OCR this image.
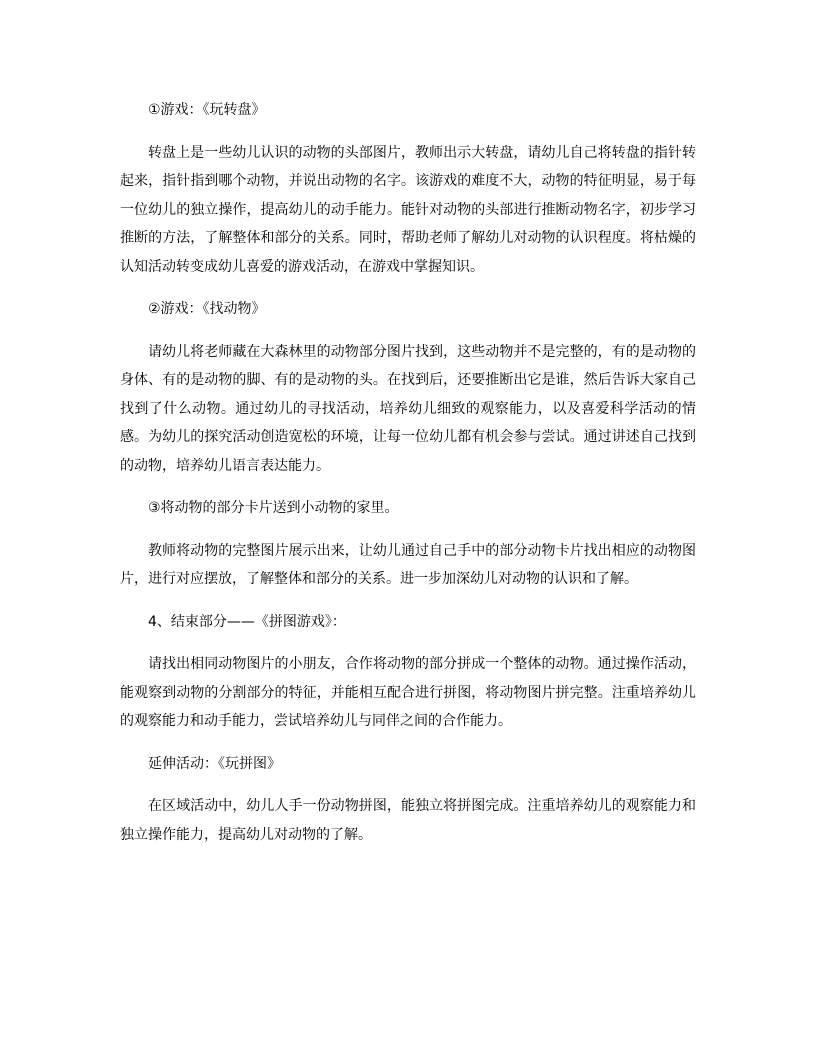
①游戏：《玩转盘》

转盘上是一些幼儿认识的动物的头部图片，教师出示大转盘，请幼儿自己将转盘的指针转起来，指针指到哪个动物，并说出动物的名字。该游戏的难度不大，动物的特征明显，易于每一位幼儿的独立操作，提高幼儿的动手能力。能针对动物的头部进行推断动物名字，初步学习推断的方法，了解整体和部分的关系。同时，帮助老师了解幼儿对动物的认识程度。将枯燥的认知活动转变成幼儿喜爱的游戏活动，在游戏中掌握知识。

②游戏：《找动物》

请幼儿将老师藏在大森林里的动物部分图片找到，这些动物并不是完整的，有的是动物的身体、有的是动物的脚、有的是动物的头。在找到后，还要推断出它是谁，然后告诉大家自己找到了什么动物。通过幼儿的寻找活动，培养幼儿细致的观察能力，以及喜爱科学活动的情感。为幼儿的探究活动创造宽松的环境，让每一位幼儿都有机会参与尝试。通过讲述自己找到的动物，培养幼儿语言表达能力。

③将动物的部分卡片送到小动物的家里。

教师将动物的完整图片展示出来，让幼儿通过自己手中的部分动物卡片找出相应的动物图片，进行对应摆放，了解整体和部分的关系。进一步加深幼儿对动物的认识和了解。

4、结束部分——《拼图游戏》：

请找出相同动物图片的小朋友，合作将动物的部分拼成一个整体的动物。通过操作活动，能观察到动物的分割部分的特征，并能相互配合进行拼图，将动物图片拼完整。注重培养幼儿的观察能力和动手能力，尝试培养幼儿与同伴之间的合作能力。

延伸活动：《玩拼图》

在区域活动中，幼儿人手一份动物拼图，能独立将拼图完成。注重培养幼儿的观察能力和独立操作能力，提高幼儿对动物的了解。
